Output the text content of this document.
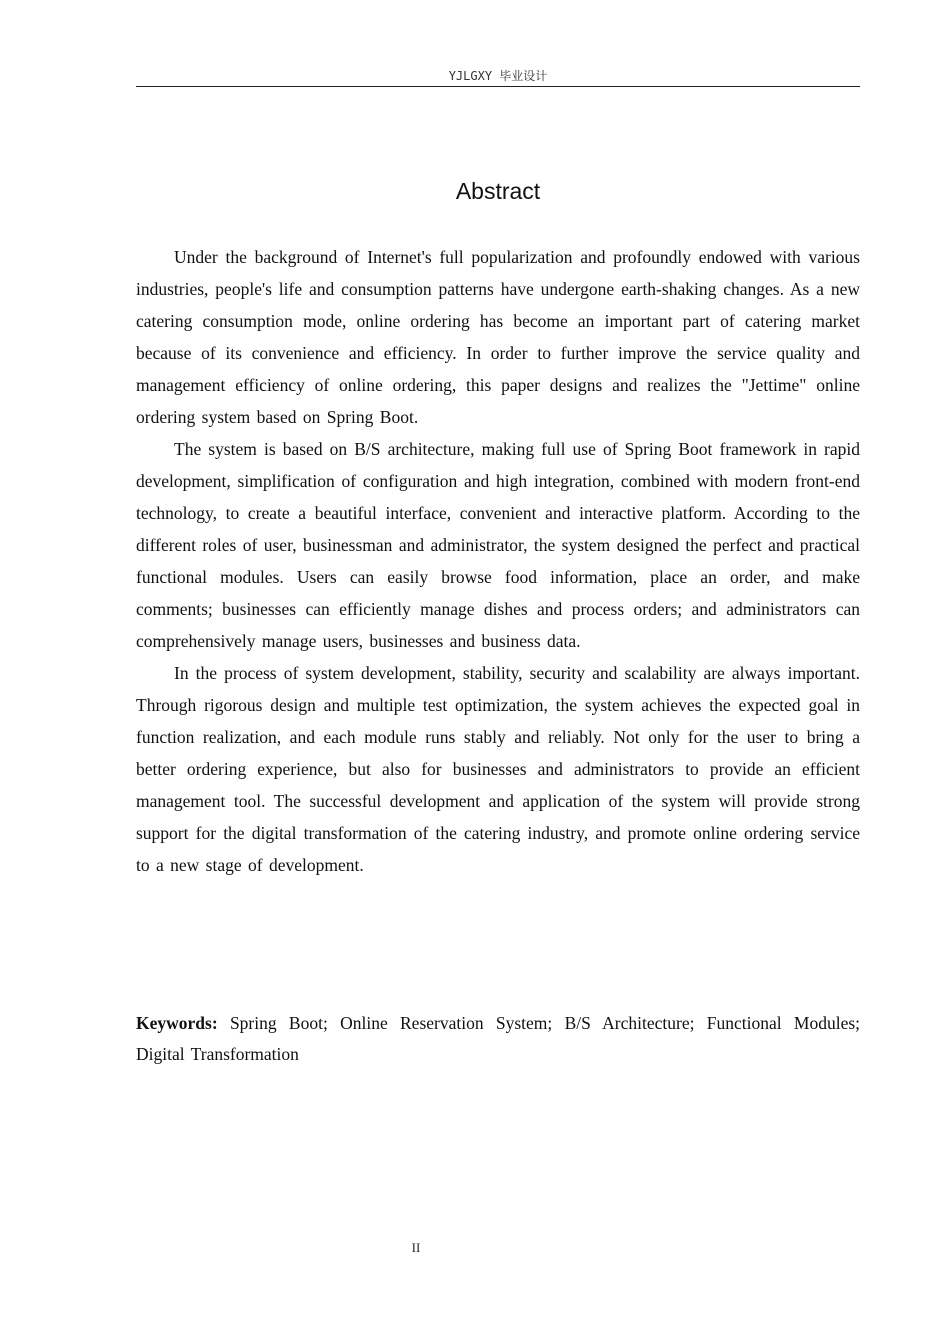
YJLGXY 毕业设计
Abstract

Under the background of Internet's full popularization and profoundly endowed with various industries, people's life and consumption patterns have undergone earth-shaking changes. As a new catering consumption mode, online ordering has become an important part of catering market because of its convenience and efficiency. In order to further improve the service quality and management efficiency of online ordering, this paper designs and realizes the "Jettime" online ordering system based on Spring Boot.

The system is based on B/S architecture, making full use of Spring Boot framework in rapid development, simplification of configuration and high integration, combined with modern front-end technology, to create a beautiful interface, convenient and interactive platform. According to the different roles of user, businessman and administrator, the system designed the perfect and practical functional modules. Users can easily browse food information, place an order, and make comments; businesses can efficiently manage dishes and process orders; and administrators can comprehensively manage users, businesses and business data.

In the process of system development, stability, security and scalability are always important. Through rigorous design and multiple test optimization, the system achieves the expected goal in function realization, and each module runs stably and reliably. Not only for the user to bring a better ordering experience, but also for businesses and administrators to provide an efficient management tool. The successful development and application of the system will provide strong support for the digital transformation of the catering industry, and promote online ordering service to a new stage of development.

Keywords: Spring Boot; Online Reservation System; B/S Architecture; Functional Modules; Digital Transformation

II
